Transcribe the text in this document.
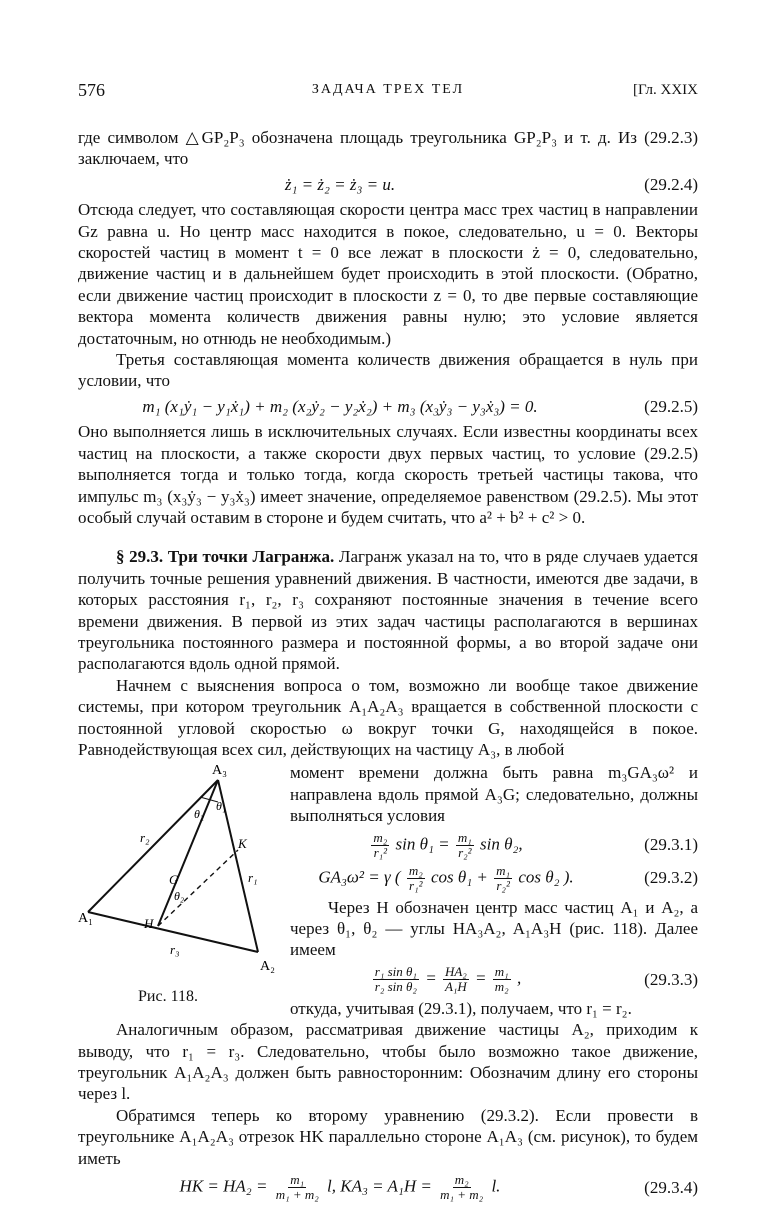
576	ЗАДАЧА ТРЕХ ТЕЛ	[Гл. XXIX

где символом △GP₂P₃ обозначена площадь треугольника GP₂P₃ и т. д. Из (29.2.3) заключаем, что

ż₁ = ż₂ = ż₃ = u.	(29.2.4)

Отсюда следует, что составляющая скорости центра масс трех частиц в направлении Gz равна u. Но центр масс находится в покое, следовательно, u = 0. Векторы скоростей частиц в момент t = 0 все лежат в плоскости ż = 0, следовательно, движение частиц и в дальнейшем будет происходить в этой плоскости. (Обратно, если движение частиц происходит в плоскости z = 0, то две первые составляющие вектора момента количеств движения равны нулю; это условие является достаточным, но отнюдь не необходимым.)

Третья составляющая момента количеств движения обращается в нуль при условии, что

m₁ (x₁ẏ₁ − y₁ẋ₁) + m₂ (x₂ẏ₂ − y₂ẋ₂) + m₃ (x₃ẏ₃ − y₃ẋ₃) = 0.	(29.2.5)

Оно выполняется лишь в исключительных случаях. Если известны координаты всех частиц на плоскости, а также скорости двух первых частиц, то условие (29.2.5) выполняется тогда и только тогда, когда скорость третьей частицы такова, что импульс m₃ (x₃ẏ₃ − y₃ẋ₃) имеет значение, определяемое равенством (29.2.5). Мы этот особый случай оставим в стороне и будем считать, что a² + b² + c² > 0.

§ 29.3. Три точки Лагранжа. Лагранж указал на то, что в ряде случаев удается получить точные решения уравнений движения. В частности, имеются две задачи, в которых расстояния r₁, r₂, r₃ сохраняют постоянные значения в течение всего времени движения. В первой из этих задач частицы располагаются в вершинах треугольника постоянного размера и постоянной формы, а во второй задаче они располагаются вдоль одной прямой.

Начнем с выяснения вопроса о том, возможно ли вообще такое движение системы, при котором треугольник A₁A₂A₃ вращается в собственной плоскости с постоянной угловой скоростью ω вокруг точки G, находящейся в покое. Равнодействующая всех сил, действующих на частицу A₃, в любой

A₃
A₁
A₂
G
H
K
r₂
r₁
r₃
θ₁
θ₂
θ₂
Рис. 118.

момент времени должна быть равна m₃GA₃ω² и направлена вдоль прямой A₃G; следовательно, должны выполняться условия

$\frac{\text{m₂}}{\text{r₁²}}$ $\sin \theta_1 = \frac{\text{m₁}}{\text{r₂²}}$ sin θ₂,	(29.3.1)
GA₃ω² = γ ( $\frac{\text{m₂}}{\text{r₁²}}$ $\cos \theta_1 + \frac{\text{m₁}}{\text{r₂²}}$ cos θ₂ ).	(29.3.2)

Через H обозначен центр масс частиц A₁ и A₂, а через θ₁, θ₂ — углы HA₃A₂, A₁A₃H (рис. 118). Далее имеем

$\frac{\text{r₁ sin θ₁}}{\text{r₂ sin θ₂}} = \frac{\text{HA₂}}{\text{A₁H}} = \frac{\text{m₁}}{\text{m₂}}$ ,	(29.3.3)

откуда, учитывая (29.3.1), получаем, что r₁ = r₂.

Аналогичным образом, рассматривая движение частицы A₂, приходим к выводу, что r₁ = r₃. Следовательно, чтобы было возможно такое движение, треугольник A₁A₂A₃ должен быть равносторонним: Обозначим длину его стороны через l.

Обратимся теперь ко второму уравнению (29.3.2). Если провести в треугольнике A₁A₂A₃ отрезок HK параллельно стороне A₁A₃ (см. рисунок), то будем иметь

HK = $HA_2 = \frac{\text{m₁}}{\text{m₁ + m₂}} l$, $KA_3 = A_1H = \frac{\text{m₂}}{\text{m₁ + m₂}} l$.	(29.3.4)
